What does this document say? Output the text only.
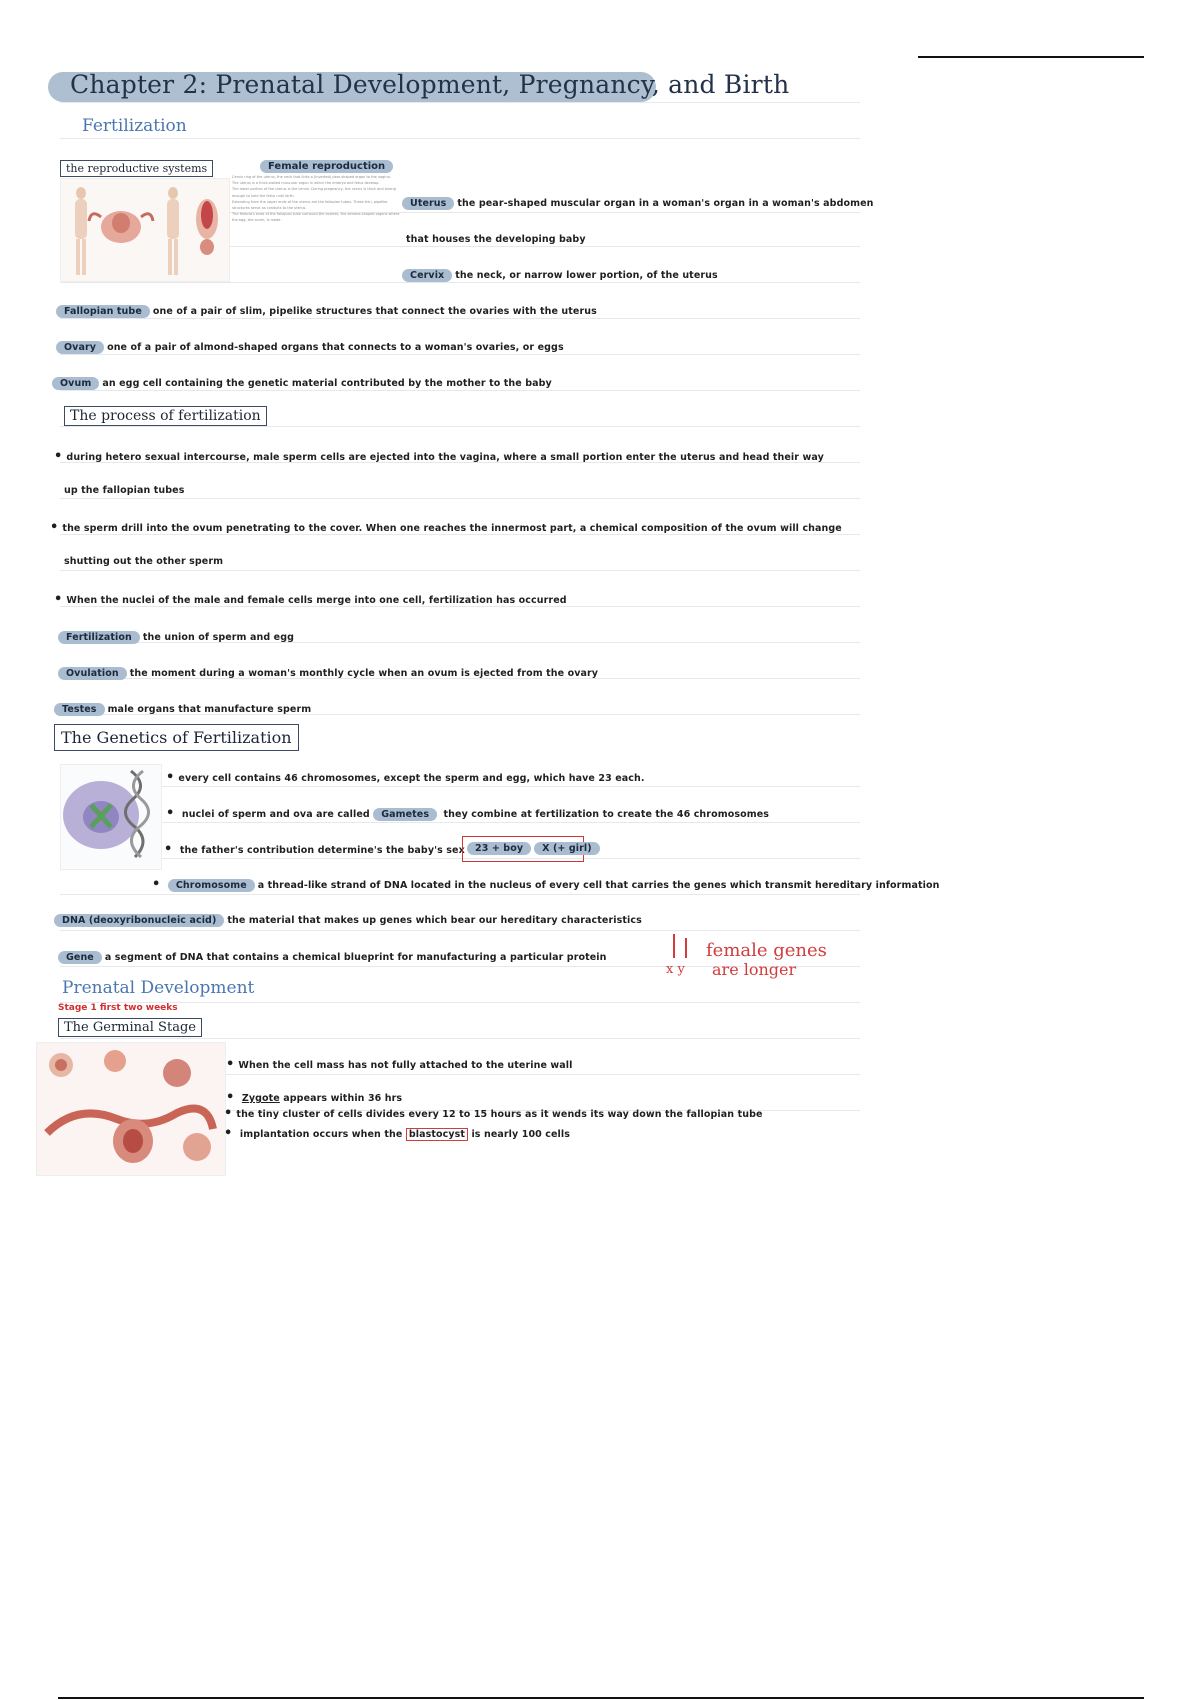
Chapter 2: Prenatal Development, Pregnancy, and Birth
Fertilization
the reproductive systems	Female reproduction

Cervix ring of the uterus, the neck that links a (inverted) pear-shaped organ to the vagina.

The uterus is a thick-walled muscular organ in which the embryo and fetus develop.

The lower portion of the uterus is the cervix. During pregnancy, the cervix is thick and strong enough to hold the fetus until birth.

Extending from the upper ends of the uterus are the fallopian tubes. These thin, pipelike structures serve as conduits to the uterus.

The fimbria's ends of the fallopian tube surround the ovaries, the almond-shaped organs where the egg, the ovum, is made.

Uterus the pear-shaped muscular organ in a woman's organ in a woman's abdomen
that houses the developing baby
Cervix the neck, or narrow lower portion, of the uterus
Fallopian tube one of a pair of slim, pipelike structures that connect the ovaries with the uterus
Ovary one of a pair of almond-shaped organs that connects to a woman's ovaries, or eggs
Ovum an egg cell containing the genetic material contributed by the mother to the baby
The process of fertilization
• during hetero sexual intercourse, male sperm cells are ejected into the vagina, where a small portion enter the uterus and head their way
up the fallopian tubes
• the sperm drill into the ovum penetrating to the cover. When one reaches the innermost part, a chemical composition of the ovum will change
shutting out the other sperm
• When the nuclei of the male and female cells merge into one cell, fertilization has occurred
Fertilization the union of sperm and egg
Ovulation the moment during a woman's monthly cycle when an ovum is ejected from the ovary
Testes male organs that manufacture sperm
The Genetics of Fertilization
• every cell contains 46 chromosomes, except the sperm and egg, which have 23 each.
• nuclei of sperm and ova are called Gametes they combine at fertilization to create the 46 chromosomes
• the father's contribution determine's the baby's sex	23 + boy X (+ girl)
• Chromosome a thread-like strand of DNA located in the nucleus of every cell that carries the genes which transmit hereditary information
DNA (deoxyribonucleic acid) the material that makes up genes which bear our hereditary characteristics
Gene a segment of DNA that contains a chemical blueprint for manufacturing a particular protein
x y
female genes
are longer
Prenatal Development
Stage 1 first two weeks
The Germinal Stage
• When the cell mass has not fully attached to the uterine wall
• Zygote appears within 36 hrs
• the tiny cluster of cells divides every 12 to 15 hours as it wends its way down the fallopian tube
• implantation occurs when the blastocyst is nearly 100 cells
